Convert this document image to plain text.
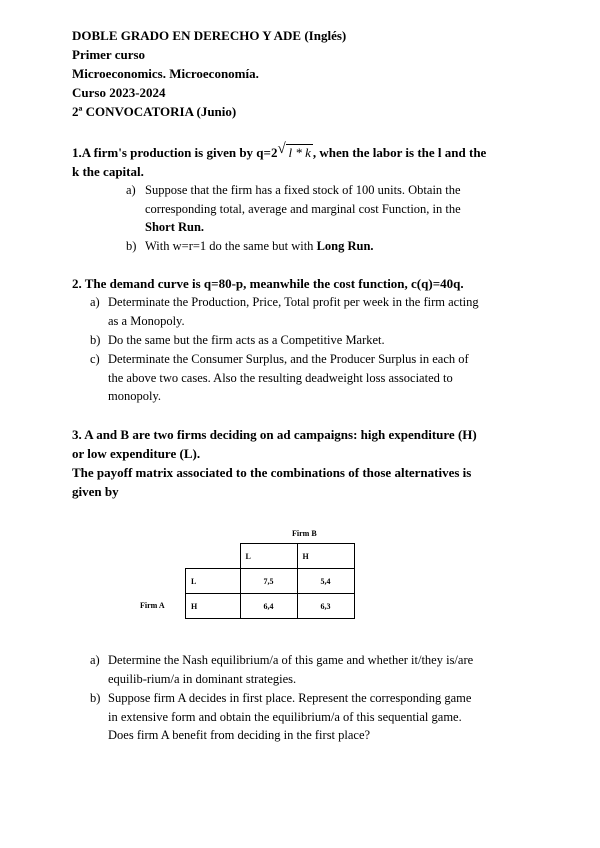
DOBLE GRADO EN DERECHO Y ADE (Inglés)
Primer curso
Microeconomics. Microeconomía.
Curso 2023-2024
2ª CONVOCATORIA (Junio)
1.A firm's production is given by q=2 √ l * k , when the labor is the l and the
k the capital.
a) Suppose that the firm has a fixed stock of 100 units. Obtain the
corresponding total, average and marginal cost Function, in the
Short Run.
b) With w=r=1 do the same but with Long Run.
2. The demand curve is q=80-p, meanwhile the cost function, c(q)=40q.
a) Determinate the Production, Price, Total profit per week in the firm acting
as a Monopoly.
b) Do the same but the firm acts as a Competitive Market.
c) Determinate the Consumer Surplus, and the Producer Surplus in each of
the above two cases. Also the resulting deadweight loss associated to
monopoly.
3. A and B are two firms deciding on ad campaigns: high expenditure (H)
or low expenditure (L).
The payoff matrix associated to the combinations of those alternatives is
given by
Firm B
Firm A
	L	H
L	7,5	5,4
H	6,4	6,3
a) Determine the Nash equilibrium/a of this game and whether it/they is/are
equilib-rium/a in dominant strategies.
b) Suppose firm A decides in first place. Represent the corresponding game
in extensive form and obtain the equilibrium/a of this sequential game.
Does firm A benefit from deciding in the first place?
